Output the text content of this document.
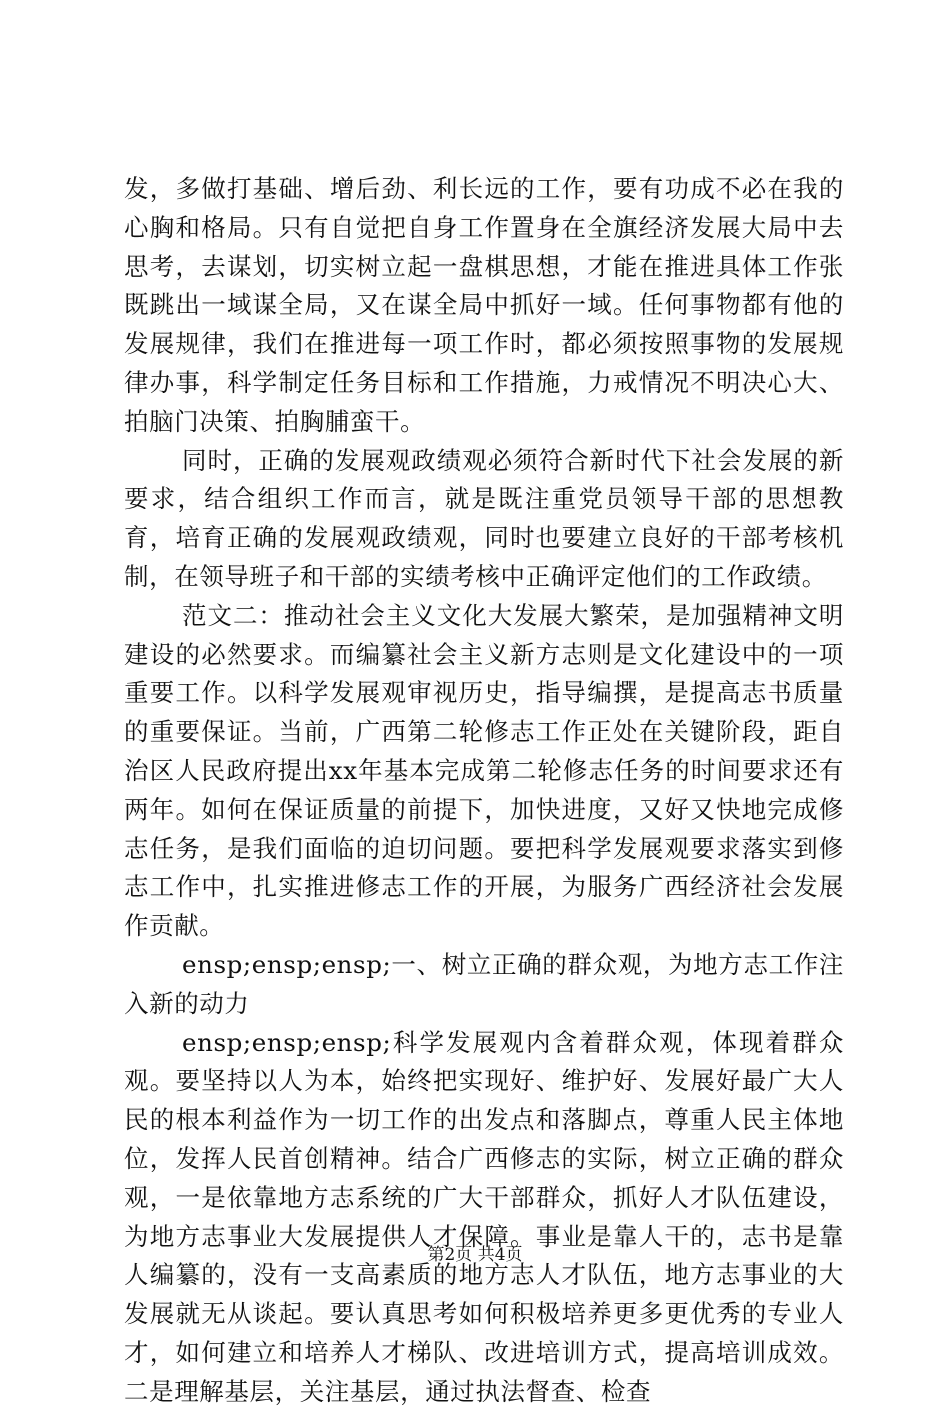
发，多做打基础、增后劲、利长远的工作，要有功成不必在我的心胸和格局。只有自觉把自身工作置身在全旗经济发展大局中去思考，去谋划，切实树立起一盘棋思想，才能在推进具体工作张既跳出一域谋全局，又在谋全局中抓好一域。任何事物都有他的发展规律，我们在推进每一项工作时，都必须按照事物的发展规律办事，科学制定任务目标和工作措施，力戒情况不明决心大、拍脑门决策、拍胸脯蛮干。

同时，正确的发展观政绩观必须符合新时代下社会发展的新要求，结合组织工作而言，就是既注重党员领导干部的思想教育，培育正确的发展观政绩观，同时也要建立良好的干部考核机制，在领导班子和干部的实绩考核中正确评定他们的工作政绩。

范文二：推动社会主义文化大发展大繁荣，是加强精神文明建设的必然要求。而编纂社会主义新方志则是文化建设中的一项重要工作。以科学发展观审视历史，指导编撰，是提高志书质量的重要保证。当前，广西第二轮修志工作正处在关键阶段，距自治区人民政府提出xx年基本完成第二轮修志任务的时间要求还有两年。如何在保证质量的前提下，加快进度，又好又快地完成修志任务，是我们面临的迫切问题。要把科学发展观要求落实到修志工作中，扎实推进修志工作的开展，为服务广西经济社会发展作贡献。

ensp;ensp;ensp;一、树立正确的群众观，为地方志工作注入新的动力

ensp;ensp;ensp;科学发展观内含着群众观，体现着群众观。要坚持以人为本，始终把实现好、维护好、发展好最广大人民的根本利益作为一切工作的出发点和落脚点，尊重人民主体地位，发挥人民首创精神。结合广西修志的实际，树立正确的群众观，一是依靠地方志系统的广大干部群众，抓好人才队伍建设，为地方志事业大发展提供人才保障。事业是靠人干的，志书是靠人编纂的，没有一支高素质的地方志人才队伍，地方志事业的大发展就无从谈起。要认真思考如何积极培养更多更优秀的专业人才，如何建立和培养人才梯队、改进培训方式，提高培训成效。二是理解基层，关注基层，通过执法督查、检查

第2页 共4页
